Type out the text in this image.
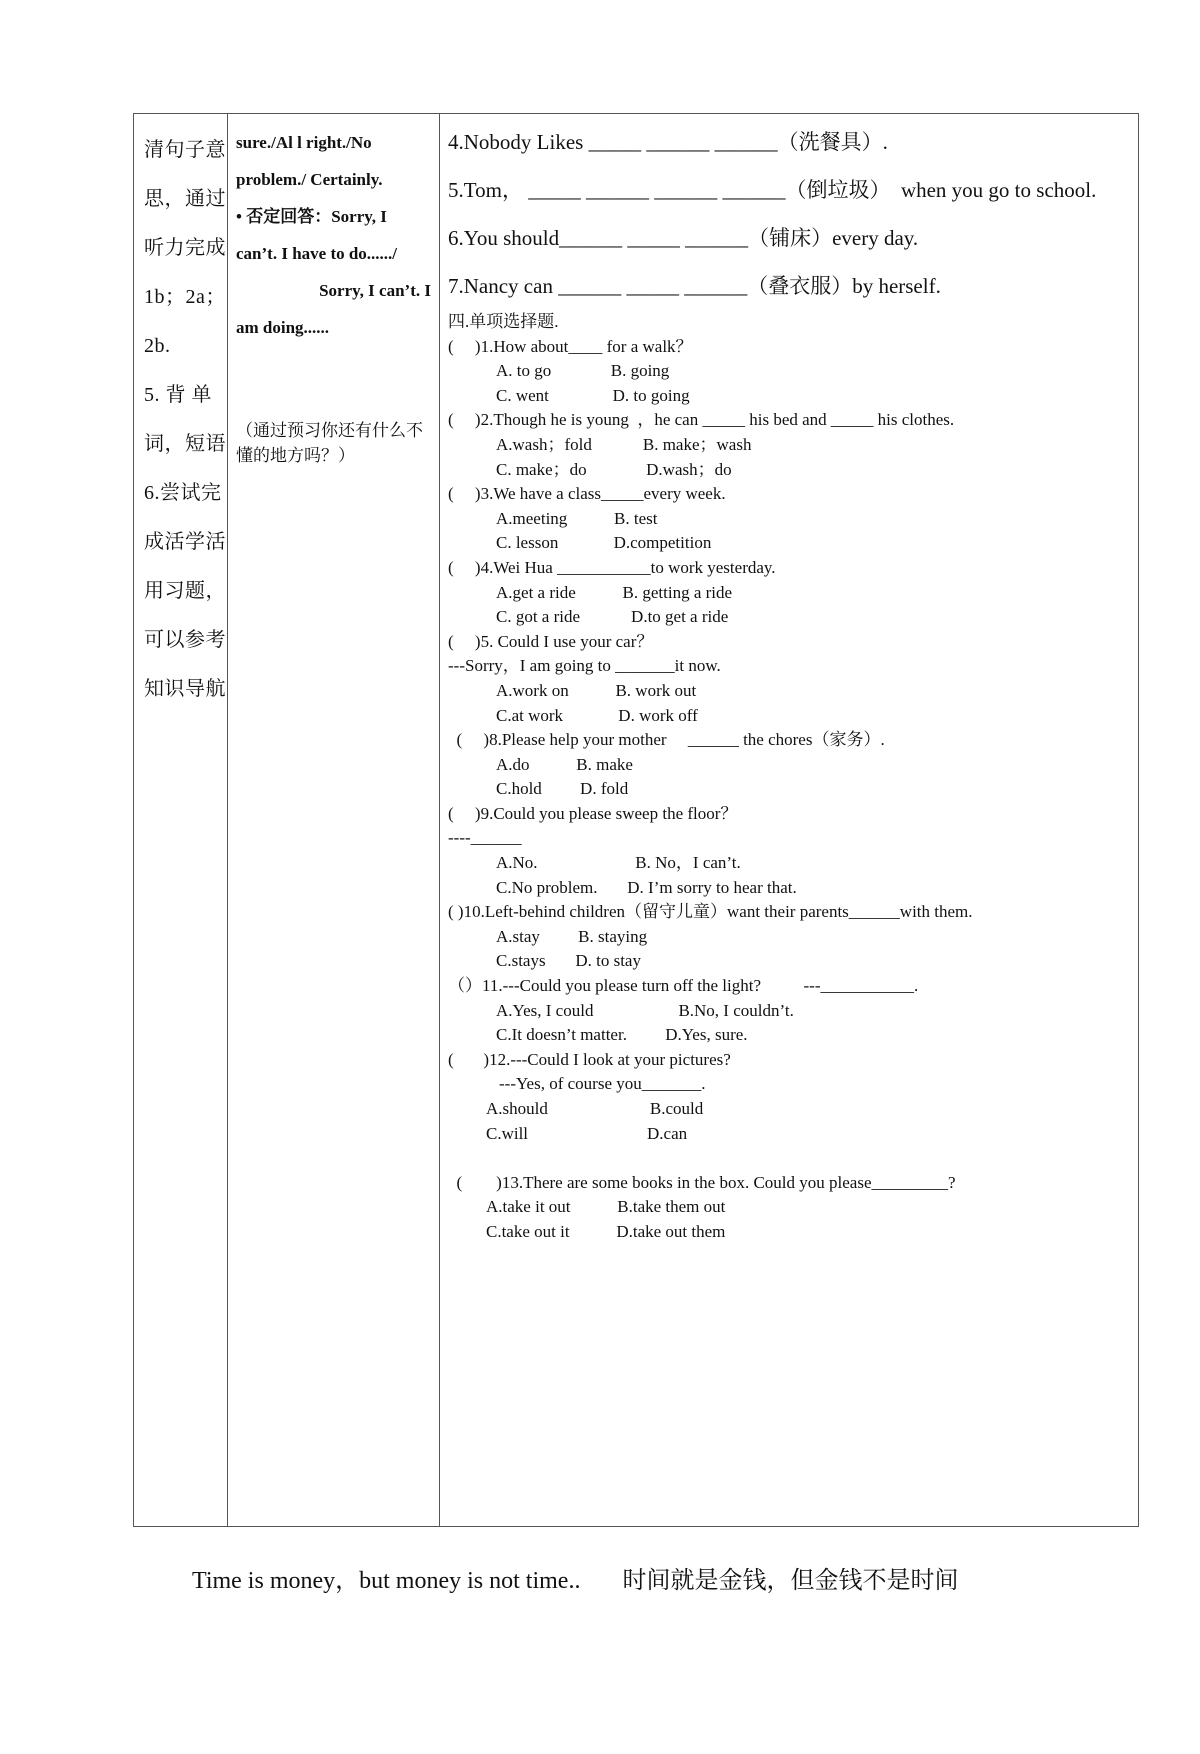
清句子意
思，通过
听力完成
1b；2a；
2b.
5. 背 单
词，短语
6.尝试完
成活学活
用习题，
可以参考
知识导航
sure./Al l right./No
problem./ Certainly.
• 否定回答：Sorry, I
can’t. I have to do....../
Sorry, I can’t. I
am doing......
（通过预习你还有什么不懂的地方吗？）
4.Nobody Likes _____ ______ ______（洗餐具）.
5.Tom， _____ ______ ______ ______（倒垃圾）  when you go to school.
6.You should______ _____ ______（铺床）every day.
7.Nancy can ______ _____ ______（叠衣服）by herself.
四.单项选择题.
(     )1.How about____ for a walk？
A. to go              B. going
C. went               D. to going
(     )2.Though he is young  ，he can _____ his bed and _____ his clothes.
A.wash；fold            B. make；wash
C. make；do              D.wash；do
(     )3.We have a class_____every week.
A.meeting           B. test
C. lesson             D.competition
(     )4.Wei Hua ___________to work yesterday.
A.get a ride           B. getting a ride
C. got a ride            D.to get a ride
(     )5. Could I use your car？
---Sorry，I am going to _______it now.
A.work on           B. work out
C.at work             D. work off
(     )8.Please help your mother     ______ the chores（家务）.
A.do           B. make
C.hold         D. fold
(     )9.Could you please sweep the floor？
----______
A.No.                       B. No，I can’t.
C.No problem.       D. I’m sorry to hear that.
( )10.Left-behind children（留守儿童）want their parents______with them.
A.stay         B. staying
C.stays       D. to stay
（）11.---Could you please turn off the light?          ---___________.
A.Yes, I could                    B.No, I couldn’t.
C.It doesn’t matter.         D.Yes, sure.
(       )12.---Could I look at your pictures?
---Yes, of course you_______.
A.should                        B.could
C.will                            D.can
(        )13.There are some books in the box. Could you please_________?
A.take it out           B.take them out
C.take out it           D.take out them
Time is money，but money is not time..       时间就是金钱，但金钱不是时间
